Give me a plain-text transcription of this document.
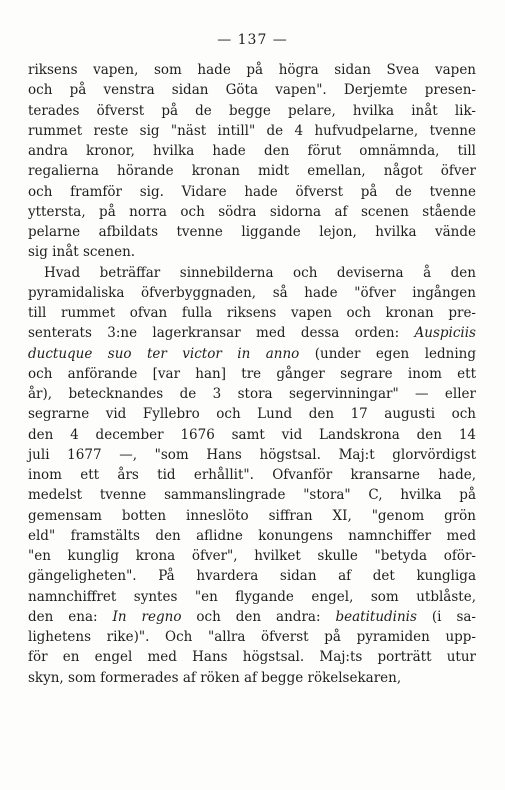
— 137 —
riksens vapen, som hade på högra sidan Svea vapen
och på venstra sidan Göta vapen". Derjemte presen-
terades öfverst på de begge pelare, hvilka inåt lik-
rummet reste sig "näst intill" de 4 hufvudpelarne, tvenne
andra kronor, hvilka hade den förut omnämnda, till
regalierna hörande kronan midt emellan, något öfver
och framför sig. Vidare hade öfverst på de tvenne
yttersta, på norra och södra sidorna af scenen stående
pelarne afbildats tvenne liggande lejon, hvilka vände
sig inåt scenen.
Hvad beträffar sinnebilderna och deviserna å den
pyramidaliska öfverbyggnaden, så hade "öfver ingången
till rummet ofvan fulla riksens vapen och kronan pre-
senterats 3:ne lagerkransar med dessa orden: Auspiciis
ductuque suo ter victor in anno (under egen ledning
och anförande [var han] tre gånger segrare inom ett
år), betecknandes de 3 stora segervinningar" — eller
segrarne vid Fyllebro och Lund den 17 augusti och
den 4 december 1676 samt vid Landskrona den 14
juli 1677 —, "som Hans högstsal. Maj:t glorvördigst
inom ett års tid erhållit". Ofvanför kransarne hade,
medelst tvenne sammanslingrade "stora" C, hvilka på
gemensam botten inneslöto siffran XI, "genom grön
eld" framstälts den aflidne konungens namnchiffer med
"en kunglig krona öfver", hvilket skulle "betyda oför-
gängeligheten". På hvardera sidan af det kungliga
namnchiffret syntes "en flygande engel, som utblåste,
den ena: In regno och den andra: beatitudinis (i sa-
lighetens rike)". Och "allra öfverst på pyramiden upp-
för en engel med Hans högstsal. Maj:ts porträtt utur
skyn, som formerades af röken af begge rökelsekaren,
